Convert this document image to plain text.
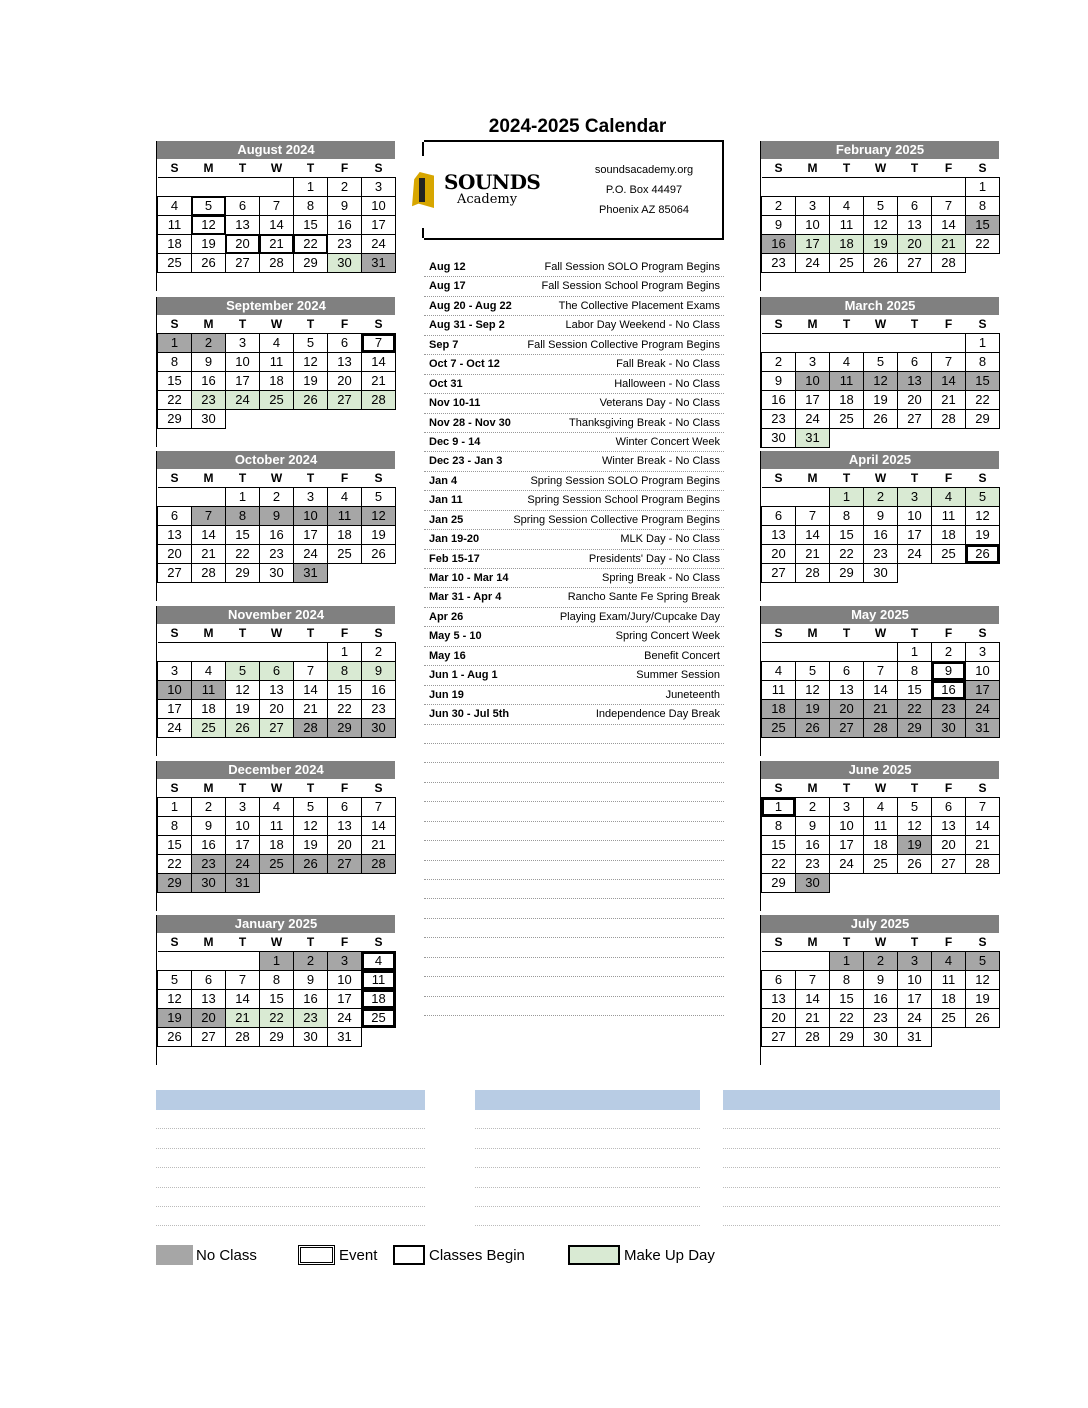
2024-2025 Calendar
August 2024
S	M	T	W	T	F	S
				1	2	3
4	5	6	7	8	9	10
11	12	13	14	15	16	17
18	19	20	21	22	23	24
25	26	27	28	29	30	31

September 2024
S	M	T	W	T	F	S
1	2	3	4	5	6	7
8	9	10	11	12	13	14
15	16	17	18	19	20	21
22	23	24	25	26	27	28
29	30					

October 2024
S	M	T	W	T	F	S
		1	2	3	4	5
6	7	8	9	10	11	12
13	14	15	16	17	18	19
20	21	22	23	24	25	26
27	28	29	30	31		

November 2024
S	M	T	W	T	F	S
					1	2
3	4	5	6	7	8	9
10	11	12	13	14	15	16
17	18	19	20	21	22	23
24	25	26	27	28	29	30

December 2024
S	M	T	W	T	F	S
1	2	3	4	5	6	7
8	9	10	11	12	13	14
15	16	17	18	19	20	21
22	23	24	25	26	27	28
29	30	31				

January 2025
S	M	T	W	T	F	S
			1	2	3	4
5	6	7	8	9	10	11
12	13	14	15	16	17	18
19	20	21	22	23	24	25
26	27	28	29	30	31	

February 2025
S	M	T	W	T	F	S
						1
2	3	4	5	6	7	8
9	10	11	12	13	14	15
16	17	18	19	20	21	22
23	24	25	26	27	28	

March 2025
S	M	T	W	T	F	S
						1
2	3	4	5	6	7	8
9	10	11	12	13	14	15
16	17	18	19	20	21	22
23	24	25	26	27	28	29
30	31					
April 2025
S	M	T	W	T	F	S
		1	2	3	4	5
6	7	8	9	10	11	12
13	14	15	16	17	18	19
20	21	22	23	24	25	26
27	28	29	30			

May 2025
S	M	T	W	T	F	S
				1	2	3
4	5	6	7	8	9	10
11	12	13	14	15	16	17
18	19	20	21	22	23	24
25	26	27	28	29	30	31

June 2025
S	M	T	W	T	F	S
1	2	3	4	5	6	7
8	9	10	11	12	13	14
15	16	17	18	19	20	21
22	23	24	25	26	27	28
29	30					

July 2025
S	M	T	W	T	F	S
		1	2	3	4	5
6	7	8	9	10	11	12
13	14	15	16	17	18	19
20	21	22	23	24	25	26
27	28	29	30	31		

SOUNDS
Academy
soundsacademy.org
P.O. Box 44497
Phoenix AZ 85064
Aug 12	Fall Session SOLO Program Begins
Aug 17	Fall Session School Program Begins
Aug 20 - Aug 22	The Collective Placement Exams
Aug 31 - Sep 2	Labor Day Weekend - No Class
Sep 7	Fall Session Collective Program Begins
Oct 7 - Oct 12	Fall Break - No Class
Oct 31	Halloween - No Class
Nov 10-11	Veterans Day - No Class
Nov 28 - Nov 30	Thanksgiving Break - No Class
Dec 9 - 14	Winter Concert Week
Dec 23 - Jan 3	Winter Break - No Class
Jan 4	Spring Session SOLO Program Begins
Jan 11	Spring Session School Program Begins
Jan 25	Spring Session Collective Program Begins
Jan 19-20	MLK Day - No Class
Feb 15-17	Presidents' Day - No Class
Mar 10 - Mar 14	Spring Break - No Class
Mar 31 - Apr 4	Rancho Sante Fe Spring Break
Apr 26	Playing Exam/Jury/Cupcake Day
May 5 - 10	Spring Concert Week
May 16	Benefit Concert
Jun 1 - Aug 1	Summer Session
Jun 19	Juneteenth
Jun 30 - Jul 5th	Independence Day Break
No Class	Event	Classes Begin	Make Up Day
